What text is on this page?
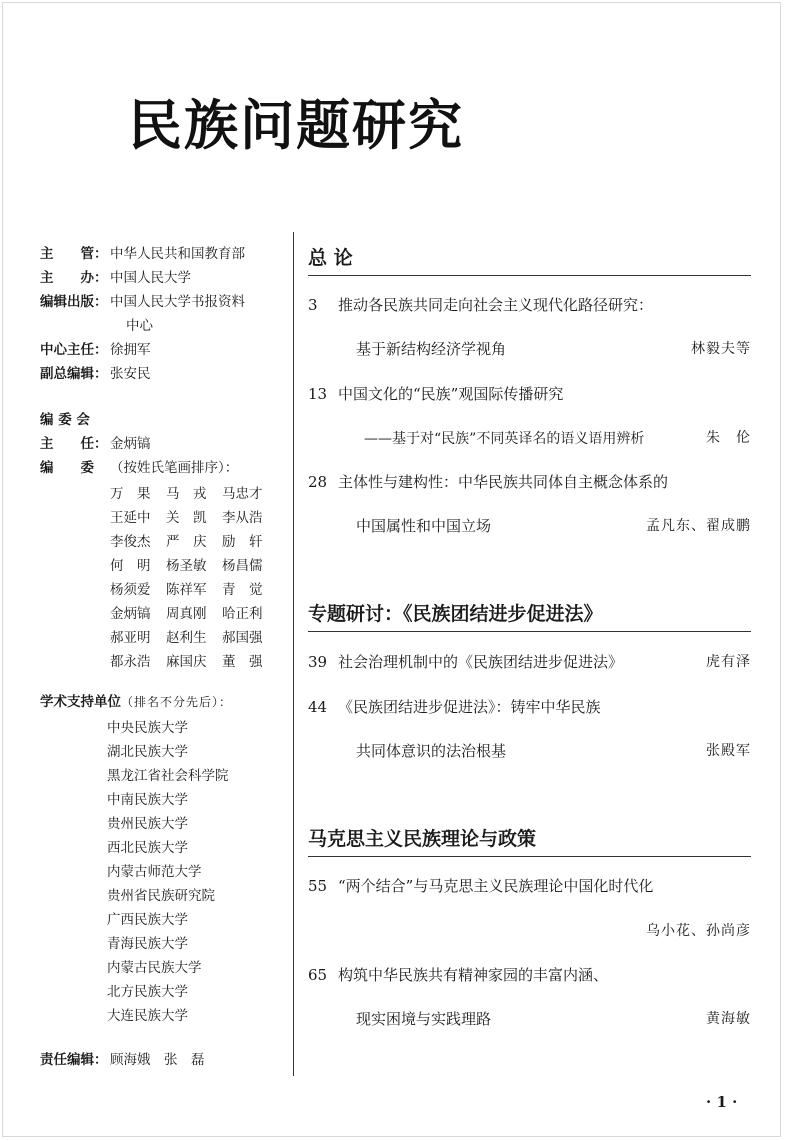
民族问题研究
主　　管： 中华人民共和国教育部
主　　办： 中国人民大学
编辑出版： 中国人民大学书报资料
中心
中心主任： 徐拥军
副总编辑： 张安民
编 委 会
主　　任： 金炳镐
编　　委 （按姓氏笔画排序）：
万　果	马　戎	马忠才
王延中	关　凯	李从浩
李俊杰	严　庆	励　轩
何　明	杨圣敏	杨昌儒
杨须爱	陈祥军	青　觉
金炳镐	周真刚	哈正利
郝亚明	赵利生	郝国强
都永浩	麻国庆	董　强
学术支持单位（排名不分先后）：
中央民族大学
湖北民族大学
黑龙江省社会科学院
中南民族大学
贵州民族大学
西北民族大学
内蒙古师范大学
贵州省民族研究院
广西民族大学
青海民族大学
内蒙古民族大学
北方民族大学
大连民族大学
责任编辑： 顾海娥　张　磊
总 论
3 推动各民族共同走向社会主义现代化路径研究：
基于新结构经济学视角	林毅夫等
13 中国文化的“民族”观国际传播研究
——基于对“民族”不同英译名的语义语用辨析	朱　伦
28 主体性与建构性：中华民族共同体自主概念体系的
中国属性和中国立场	孟凡东、翟成鹏
专题研讨：《民族团结进步促进法》
39 社会治理机制中的《民族团结进步促进法》	虎有泽
44 《民族团结进步促进法》：铸牢中华民族
共同体意识的法治根基	张殿军
马克思主义民族理论与政策
55 “两个结合”与马克思主义民族理论中国化时代化
乌小花、孙尚彦
65 构筑中华民族共有精神家园的丰富内涵、
现实困境与实践理路	黄海敏
· 1 ·
